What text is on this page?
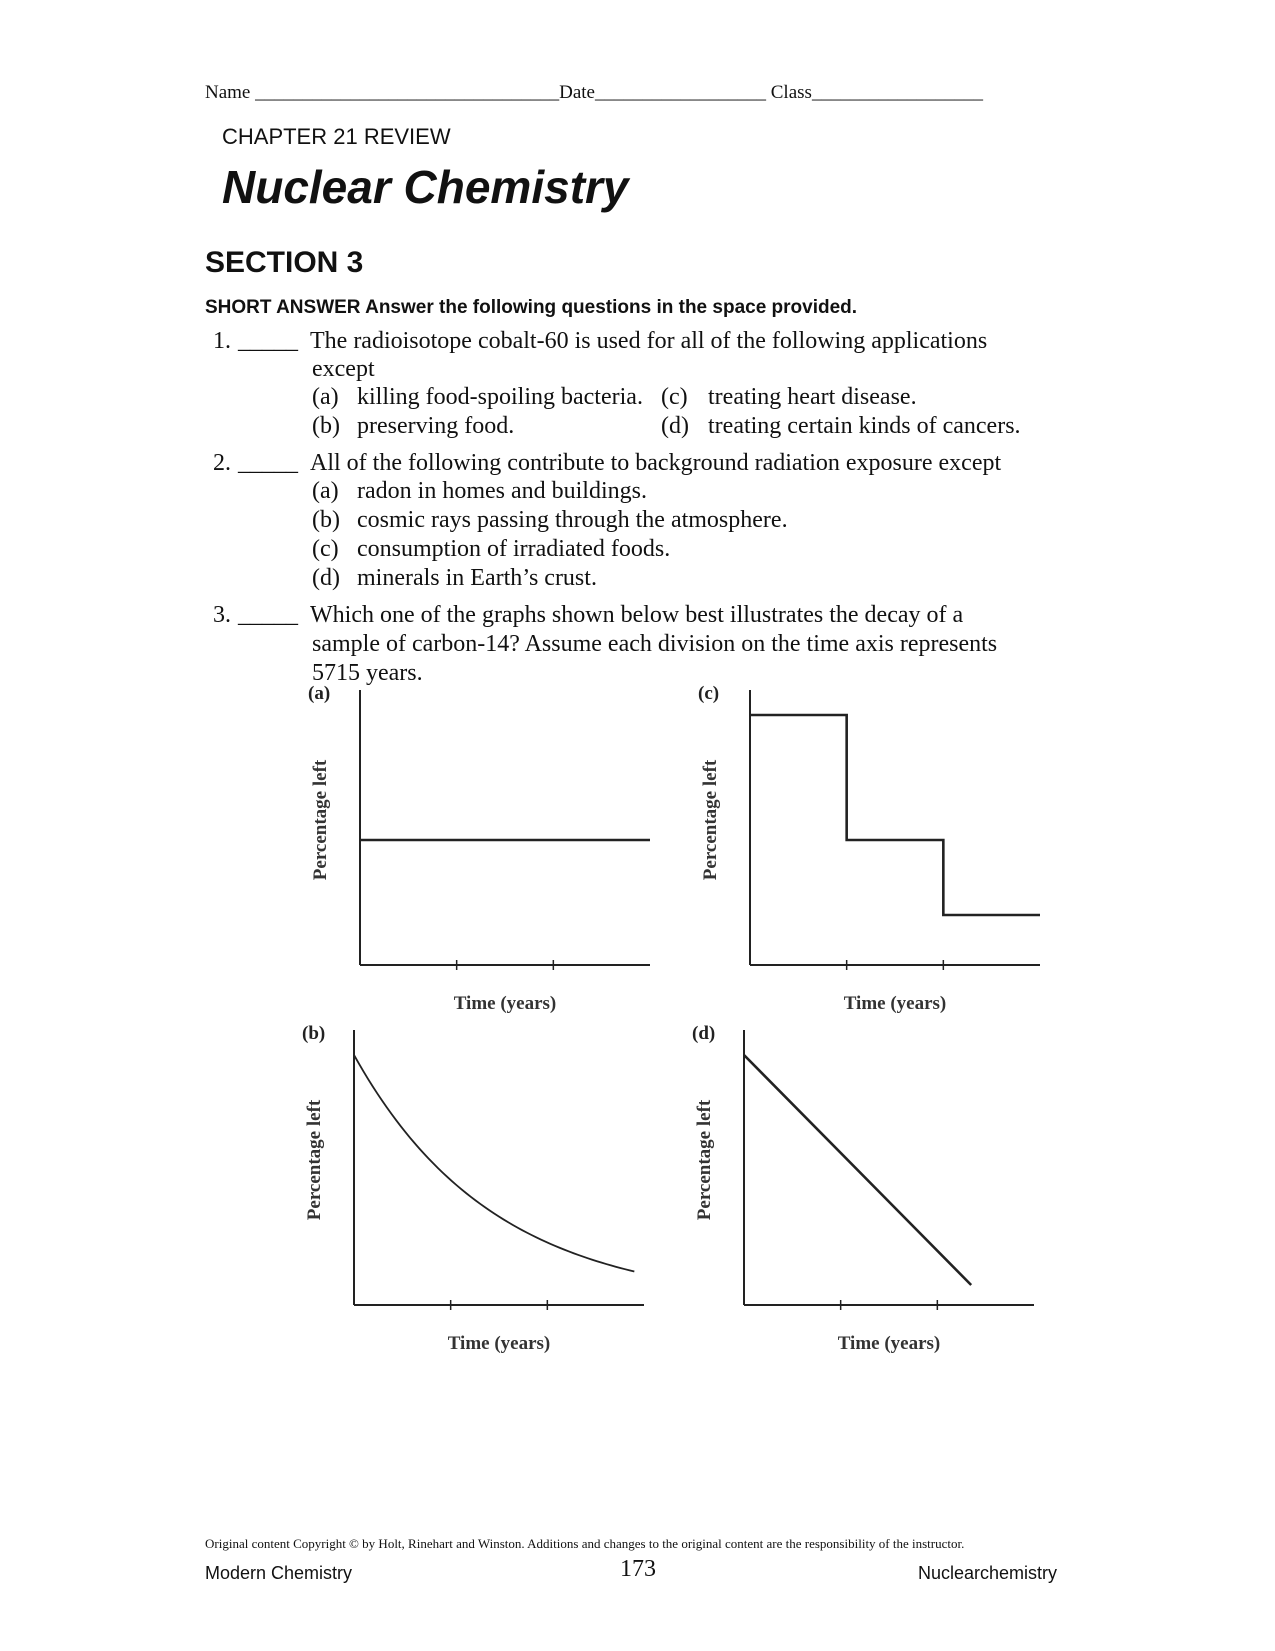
Name ________________________________Date__________________ Class__________________
CHAPTER 21 REVIEW
Nuclear Chemistry
SECTION 3
SHORT ANSWER Answer the following questions in the space provided.
1. _____ The radioisotope cobalt-60 is used for all of the following applications
except
(a) killing food-spoiling bacteria.
(b) preserving food.
(c) treating heart disease.
(d) treating certain kinds of cancers.
2. _____ All of the following contribute to background radiation exposure except
(a) radon in homes and buildings.
(b) cosmic rays passing through the atmosphere.
(c) consumption of irradiated foods.
(d) minerals in Earth’s crust.
3. _____ Which one of the graphs shown below best illustrates the decay of a
sample of carbon-14? Assume each division on the time axis represents
5715 years.
(a)
Time (years)
Percentage left
(c)
Time (years)
Percentage left
(b)
Time (years)
Percentage left
(d)
Time (years)
Percentage left
Original content Copyright © by Holt, Rinehart and Winston. Additions and changes to the original content are the responsibility of the instructor.
Modern Chemistry	173	Nuclearchemistry
